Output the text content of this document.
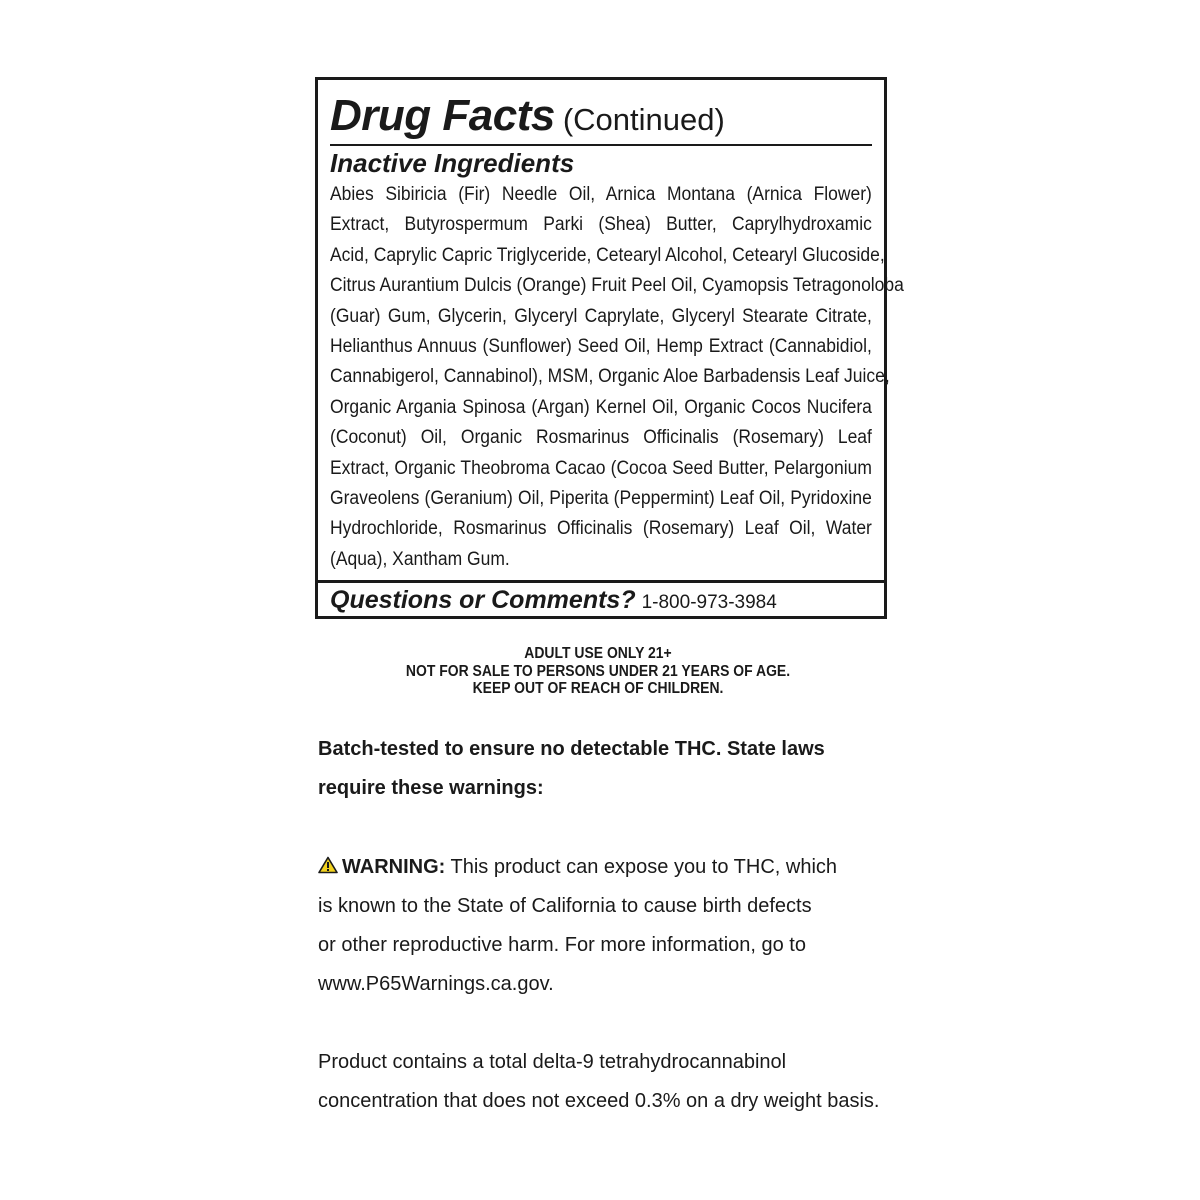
Drug Facts (Continued)
Inactive Ingredients
Abies Sibiricia (Fir) Needle Oil, Arnica Montana (Arnica Flower)
Extract, Butyrospermum Parki (Shea) Butter, Caprylhydroxamic
Acid, Caprylic Capric Triglyceride, Cetearyl Alcohol, Cetearyl Glucoside,
Citrus Aurantium Dulcis (Orange) Fruit Peel Oil, Cyamopsis Tetragonoloba
(Guar) Gum, Glycerin, Glyceryl Caprylate, Glyceryl Stearate Citrate,
Helianthus Annuus (Sunflower) Seed Oil, Hemp Extract (Cannabidiol,
Cannabigerol, Cannabinol), MSM, Organic Aloe Barbadensis Leaf Juice,
Organic Argania Spinosa (Argan) Kernel Oil, Organic Cocos Nucifera
(Coconut) Oil, Organic Rosmarinus Officinalis (Rosemary) Leaf
Extract, Organic Theobroma Cacao (Cocoa Seed Butter, Pelargonium
Graveolens (Geranium) Oil, Piperita (Peppermint) Leaf Oil, Pyridoxine
Hydrochloride, Rosmarinus Officinalis (Rosemary) Leaf Oil, Water
(Aqua), Xantham Gum.
Questions or Comments? 1-800-973-3984
ADULT USE ONLY 21+
NOT FOR SALE TO PERSONS UNDER 21 YEARS OF AGE.
KEEP OUT OF REACH OF CHILDREN.
Batch-tested to ensure no detectable THC. State laws
require these warnings:
WARNING: This product can expose you to THC, which
is known to the State of California to cause birth defects
or other reproductive harm. For more information, go to
www.P65Warnings.ca.gov.
Product contains a total delta-9 tetrahydrocannabinol
concentration that does not exceed 0.3% on a dry weight basis.
